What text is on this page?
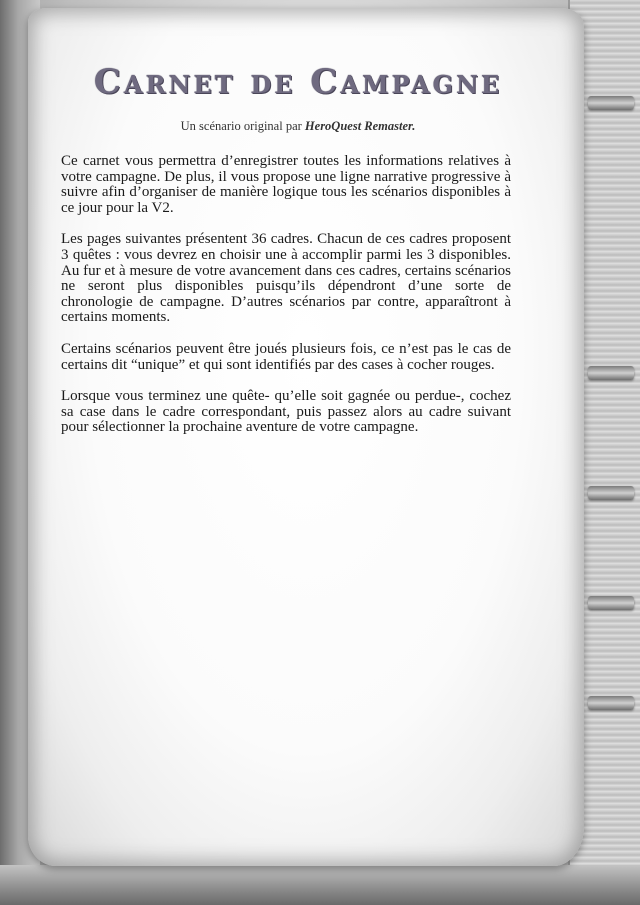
Carnet de Campagne
Un scénario original par HeroQuest Remaster.

Ce carnet vous permettra d’enregistrer toutes les informations relatives à votre campagne. De plus, il vous propose une ligne narrative progressive à suivre afin d’organiser de manière logique tous les scénarios disponibles à ce jour pour la V2.

Les pages suivantes présentent 36 cadres. Chacun de ces cadres proposent 3 quêtes : vous devrez en choisir une à accomplir parmi les 3 disponibles. Au fur et à mesure de votre avancement dans ces cadres, certains scénarios ne seront plus disponibles puisqu’ils dépendront d’une sorte de chronologie de campagne. D’autres scénarios par contre, apparaîtront à certains moments.

Certains scénarios peuvent être joués plusieurs fois, ce n’est pas le cas de certains dit “unique” et qui sont identifiés par des cases à cocher rouges.

Lorsque vous terminez une quête- qu’elle soit gagnée ou perdue-, cochez sa case dans le cadre correspondant, puis passez alors au cadre suivant pour sélectionner la prochaine aventure de votre campagne.
